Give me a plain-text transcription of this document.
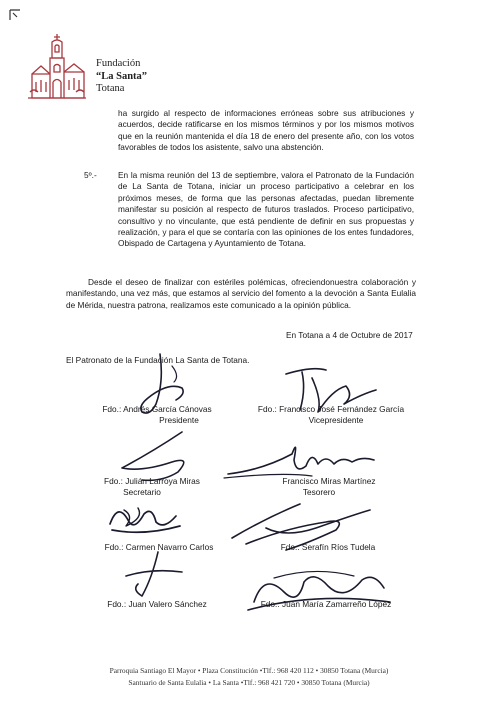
Fundación
“La Santa”
Totana
ha surgido al respecto de informaciones erróneas sobre sus atribuciones y acuerdos, decide ratificarse en los mismos términos y por los mismos motivos que en la reunión mantenida el día 18 de enero del presente año, con los votos favorables de todos los asistente, salvo una abstención.
5º.-	En la misma reunión del 13 de septiembre, valora el Patronato de la Fundación de La Santa de Totana, iniciar un proceso participativo a celebrar en los próximos meses, de forma que las personas afectadas, puedan libremente manifestar su posición al respecto de futuros traslados. Proceso participativo, consultivo y no vinculante, que está pendiente de definir en sus propuestas y realización, y para el que se contaría con las opiniones de los entes fundadores, Obispado de Cartagena y Ayuntamiento de Totana.
Desde el deseo de finalizar con estériles polémicas, ofreciendonuestra colaboración y manifestando, una vez más, que estamos al servicio del fomento a la devoción a Santa Eulalia de Mérida, nuestra patrona, realizamos este comunicado a la opinión pública.
En Totana a 4 de Octubre de 2017
El Patronato de la Fundación La Santa de Totana.
Fdo.: Andrés García Cánovas
Presidente
Fdo.: Francisco José Fernández García
Vicepresidente
Fdo.: Julián Larroya Miras
Secretario
Francisco Miras Martínez
Tesorero
Fdo.: Carmen Navarro Carlos	Fdo.: Serafín Ríos Tudela
Fdo.: Juan Valero Sánchez	Fdo.: Juan María Zamarreño López
Parroquia Santiago El Mayor • Plaza Constitución •Tlf.: 968 420 112 • 30850 Totana (Murcia)
Santuario de Santa Eulalia • La Santa •Tlf.: 968 421 720 • 30850 Totana (Murcia)
